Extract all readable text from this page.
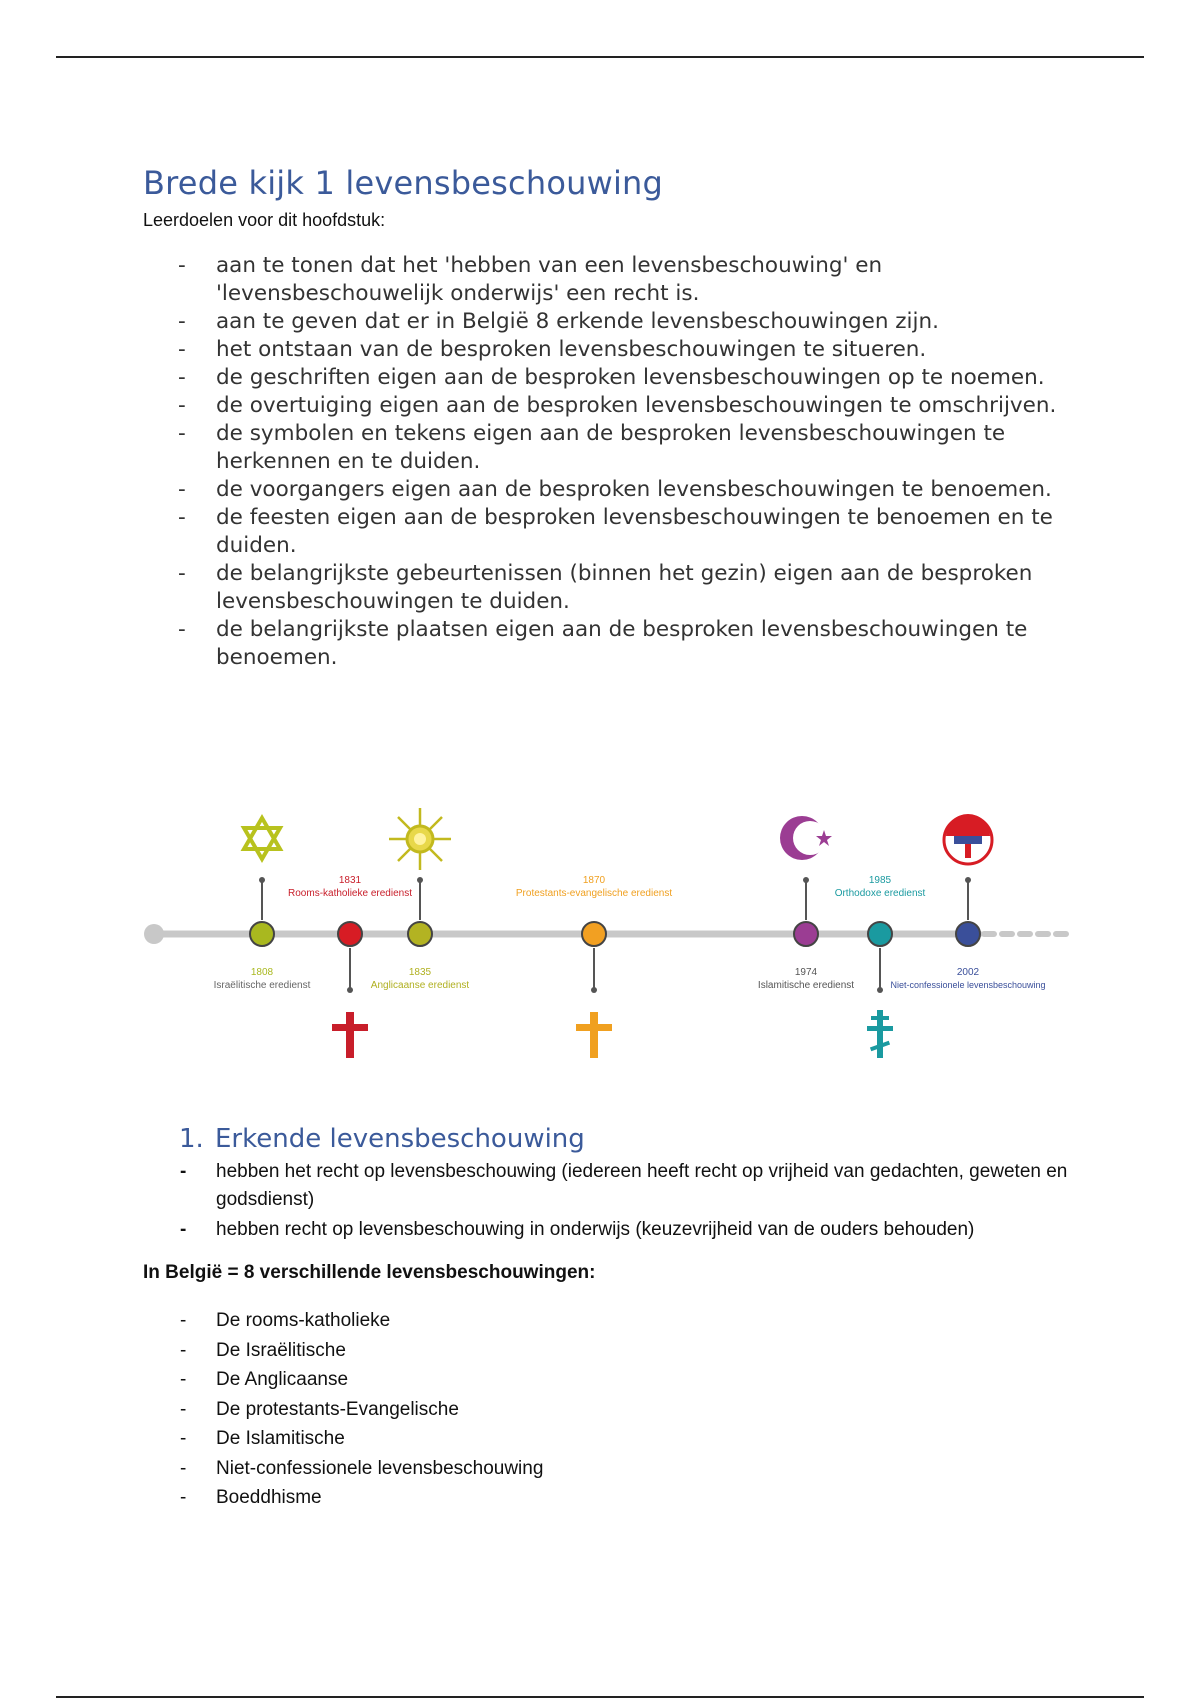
Brede kijk 1 levensbeschouwing

Leerdoelen voor dit hoofdstuk:

- aan te tonen dat het 'hebben van een levensbeschouwing' en 'levensbeschouwelijk onderwijs' een recht is.
- aan te geven dat er in België 8 erkende levensbeschouwingen zijn.
- het ontstaan van de besproken levensbeschouwingen te situeren.
- de geschriften eigen aan de besproken levensbeschouwingen op te noemen.
- de overtuiging eigen aan de besproken levensbeschouwingen te omschrijven.
- de symbolen en tekens eigen aan de besproken levensbeschouwingen te herkennen en te duiden.
- de voorgangers eigen aan de besproken levensbeschouwingen te benoemen.
- de feesten eigen aan de besproken levensbeschouwingen te benoemen en te duiden.
- de belangrijkste gebeurtenissen (binnen het gezin) eigen aan de besproken levensbeschouwingen te duiden.
- de belangrijkste plaatsen eigen aan de besproken levensbeschouwingen te benoemen.
1808
Israëlitische eredienst
1831
Rooms-katholieke eredienst
1835
Anglicaanse eredienst
1870
Protestants-evangelische eredienst
1974
Islamitische eredienst
1985
Orthodoxe eredienst
2002
Niet-confessionele levensbeschouwing
1. Erkende levensbeschouwing
- hebben het recht op levensbeschouwing (iedereen heeft recht op vrijheid van gedachten, geweten en godsdienst)
- hebben recht op levensbeschouwing in onderwijs (keuzevrijheid van de ouders behouden)

In België = 8 verschillende levensbeschouwingen:

- De rooms-katholieke
- De Israëlitische
- De Anglicaanse
- De protestants-Evangelische
- De Islamitische
- Niet-confessionele levensbeschouwing
- Boeddhisme
